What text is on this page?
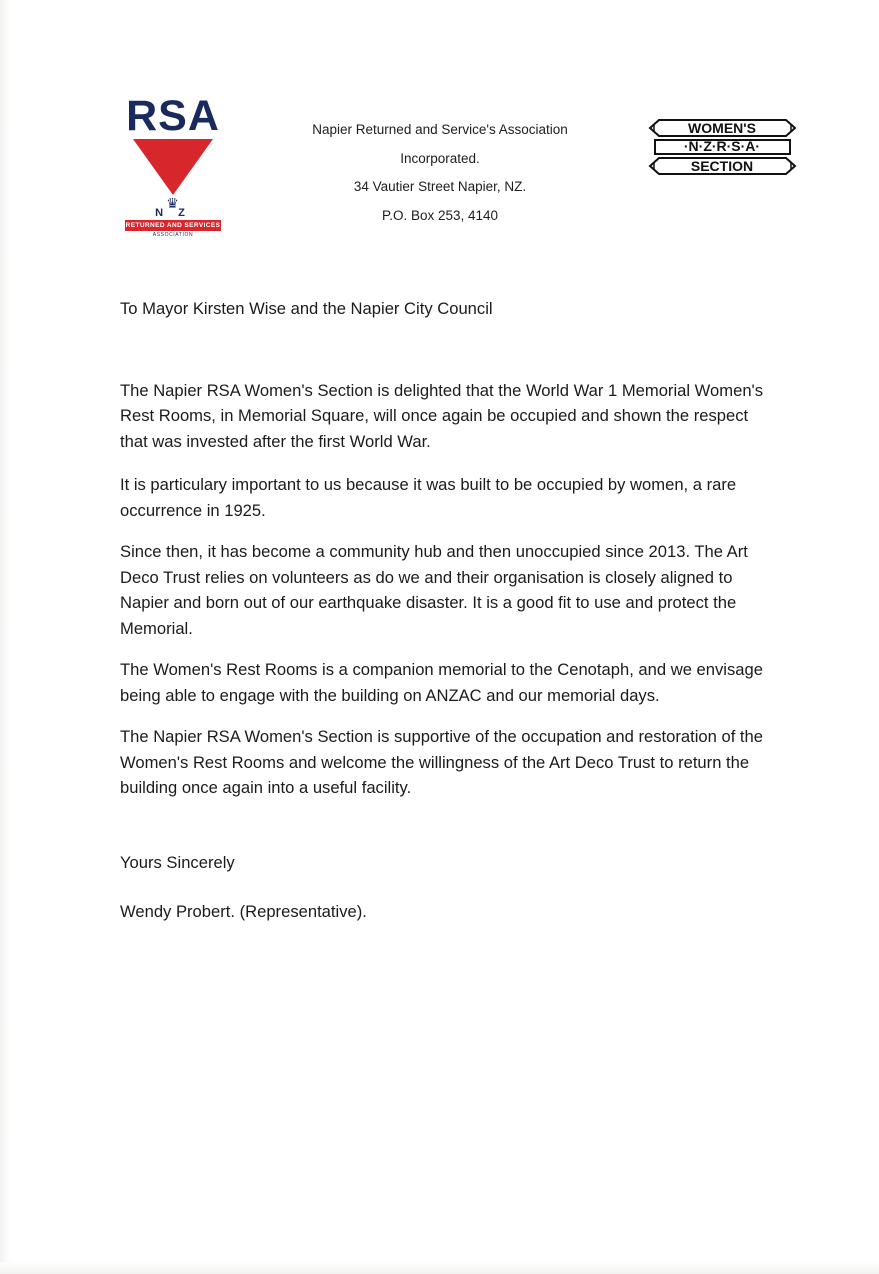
RSA
♛
N Z
RETURNED AND SERVICES
ASSOCIATION
Napier Returned and Service's Association
Incorporated.
34 Vautier Street Napier, NZ.
P.O. Box 253, 4140
WOMEN'S
·N·Z·R·S·A·
SECTION

To Mayor Kirsten Wise and the Napier City Council

The Napier RSA Women's Section is delighted that the World War 1 Memorial Women's Rest Rooms, in Memorial Square, will once again be occupied and shown the respect that was invested after the first World War.

It is particulary important to us because it was built to be occupied by women, a rare occurrence in 1925.

Since then, it has become a community hub and then unoccupied since 2013. The Art Deco Trust relies on volunteers as do we and their organisation is closely aligned to Napier and born out of our earthquake disaster. It is a good fit to use and protect the Memorial.

The Women's Rest Rooms is a companion memorial to the Cenotaph, and we envisage being able to engage with the building on ANZAC and our memorial days.

The Napier RSA Women's Section is supportive of the occupation and restoration of the Women's Rest Rooms and welcome the willingness of the Art Deco Trust to return the building once again into a useful facility.

Yours Sincerely

Wendy Probert. (Representative).
